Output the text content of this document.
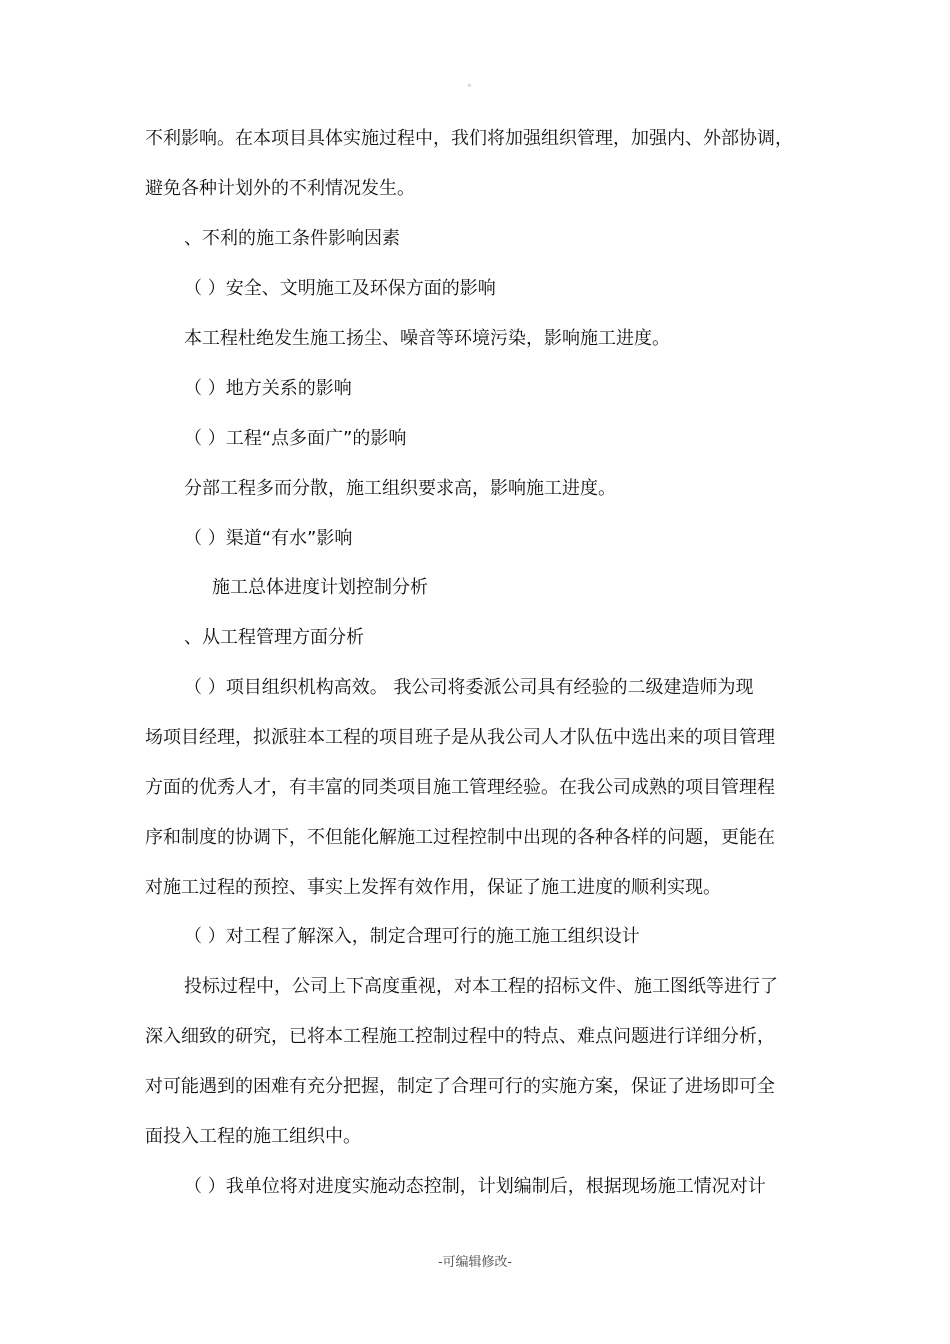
。
不利影响。在本项目具体实施过程中，我们将加强组织管理，加强内、外部协调，
避免各种计划外的不利情况发生。
、不利的施工条件影响因素
（ ）安全、文明施工及环保方面的影响
本工程杜绝发生施工扬尘、噪音等环境污染，影响施工进度。
（ ）地方关系的影响
（ ）工程“点多面广”的影响
分部工程多而分散，施工组织要求高，影响施工进度。
（ ）渠道“有水”影响
施工总体进度计划控制分析
、从工程管理方面分析
（ ）项目组织机构高效。 我公司将委派公司具有经验的二级建造师为现
场项目经理，拟派驻本工程的项目班子是从我公司人才队伍中选出来的项目管理
方面的优秀人才，有丰富的同类项目施工管理经验。在我公司成熟的项目管理程
序和制度的协调下，不但能化解施工过程控制中出现的各种各样的问题，更能在
对施工过程的预控、事实上发挥有效作用，保证了施工进度的顺利实现。
（ ）对工程了解深入，制定合理可行的施工施工组织设计
投标过程中，公司上下高度重视，对本工程的招标文件、施工图纸等进行了
深入细致的研究，已将本工程施工控制过程中的特点、难点问题进行详细分析，
对可能遇到的困难有充分把握，制定了合理可行的实施方案，保证了进场即可全
面投入工程的施工组织中。
（ ）我单位将对进度实施动态控制，计划编制后，根据现场施工情况对计
-可编辑修改-
